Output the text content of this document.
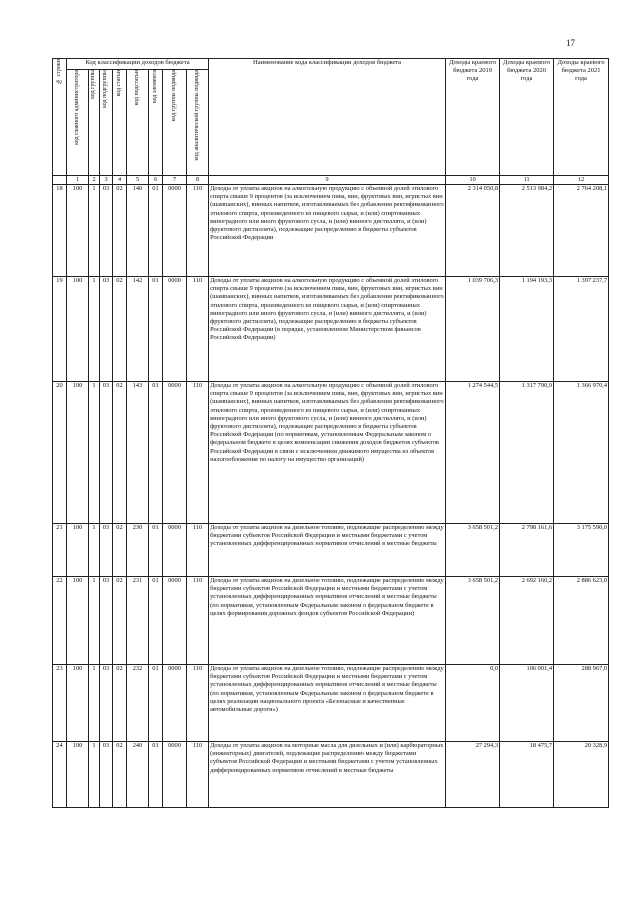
17
№ строки	Код классификации доходов бюджета								Наименование кода классификации доходов бюджета	Доходы краевого бюджета 2019 года	Доходы краевого бюджета 2020 года	Доходы краевого бюджета 2021 года
	код главного администратора	код группы	код подгруппы	код статьи	код подстатьи	код элемента	код группы подвида	код аналитической группы подвида				
	1	2	3	4	5	6	7	8	9	10	11	12
18	100	1	03	02	140	01	0000	110	Доходы от уплаты акцизов на алкогольную продукцию с объемной долей этилового спирта свыше 9 процентов (за исключением пива, вин, фруктовых вин, игристых вин (шампанских), винных напитков, изготавливаемых без добавления ректификованного этилового спирта, произведенного из пищевого сырья, и (или) спиртованных виноградного или иного фруктового сусла, и (или) винного дистиллята, и (или) фруктового дистиллята), подлежащие распределению в бюджеты субъектов Российской Федерации	2 314 050,8	2 513 984,2	2 764 208,1
19	100	1	03	02	142	01	0000	110	Доходы от уплаты акцизов на алкогольную продукцию с объемной долей этилового спирта свыше 9 процентов (за исключением пива, вин, фруктовых вин, игристых вин (шампанских), винных напитков, изготавливаемых без добавления ректификованного этилового спирта, произведенного из пищевого сырья, и (или) спиртованных виноградного или иного фруктового сусла, и (или) винного дистиллята, и (или) фруктового дистиллята), подлежащие распределению в бюджеты субъектов Российской Федерации (в порядке, установленном Министерством финансов Российской Федерации)	1 039 706,3	1 194 193,3	1 397 237,7
20	100	1	03	02	143	01	0000	110	Доходы от уплаты акцизов на алкогольную продукцию с объемной долей этилового спирта свыше 9 процентов (за исключением пива, вин, фруктовых вин, игристых вин (шампанских), винных напитков, изготавливаемых без добавления ректификованного этилового спирта, произведенного из пищевого сырья, и (или) спиртованных виноградного или иного фруктового сусла, и (или) винного дистиллята, и (или) фруктового дистиллята), подлежащие распределению в бюджеты субъектов Российской Федерации (по нормативам, установленным Федеральным законом о федеральном бюджете в целях компенсации снижения доходов бюджетов субъектов Российской Федерации в связи с исключением движимого имущества из объектов налогообложения по налогу на имущество организаций)	1 274 544,5	1 317 790,9	1 366 970,4
21	100	1	03	02	230	01	0000	110	Доходы от уплаты акцизов на дизельное топливо, подлежащие распределению между бюджетами субъектов Российской Федерации и местными бюджетами с учетом установленных дифференцированных нормативов отчислений в местные бюджеты	3 658 501,2	2 798 161,6	3 175 590,0
22	100	1	03	02	231	01	0000	110	Доходы от уплаты акцизов на дизельное топливо, подлежащие распределению между бюджетами субъектов Российской Федерации и местными бюджетами с учетом установленных дифференцированных нормативов отчислений в местные бюджеты (по нормативам, установленным Федеральным законом о федеральном бюджете в целях формирования дорожных фондов субъектов Российской Федерации)	3 658 501,2	2 692 160,2	2 886 623,0
23	100	1	03	02	232	01	0000	110	Доходы от уплаты акцизов на дизельное топливо, подлежащие распределению между бюджетами субъектов Российской Федерации и местными бюджетами с учетом установленных дифференцированных нормативов отчислений в местные бюджеты (по нормативам, установленным Федеральным законом о федеральном бюджете в целях реализации национального проекта «Безопасные и качественные автомобильные дороги»)	0,0	106 001,4	288 967,0
24	100	1	03	02	240	01	0000	110	Доходы от уплаты акцизов на моторные масла для дизельных и (или) карбюраторных (инжекторных) двигателей, подлежащие распределению между бюджетами субъектов Российской Федерации и местными бюджетами с учетом установленных дифференцированных нормативов отчислений в местные бюджеты	27 294,3	18 475,7	20 328,9
